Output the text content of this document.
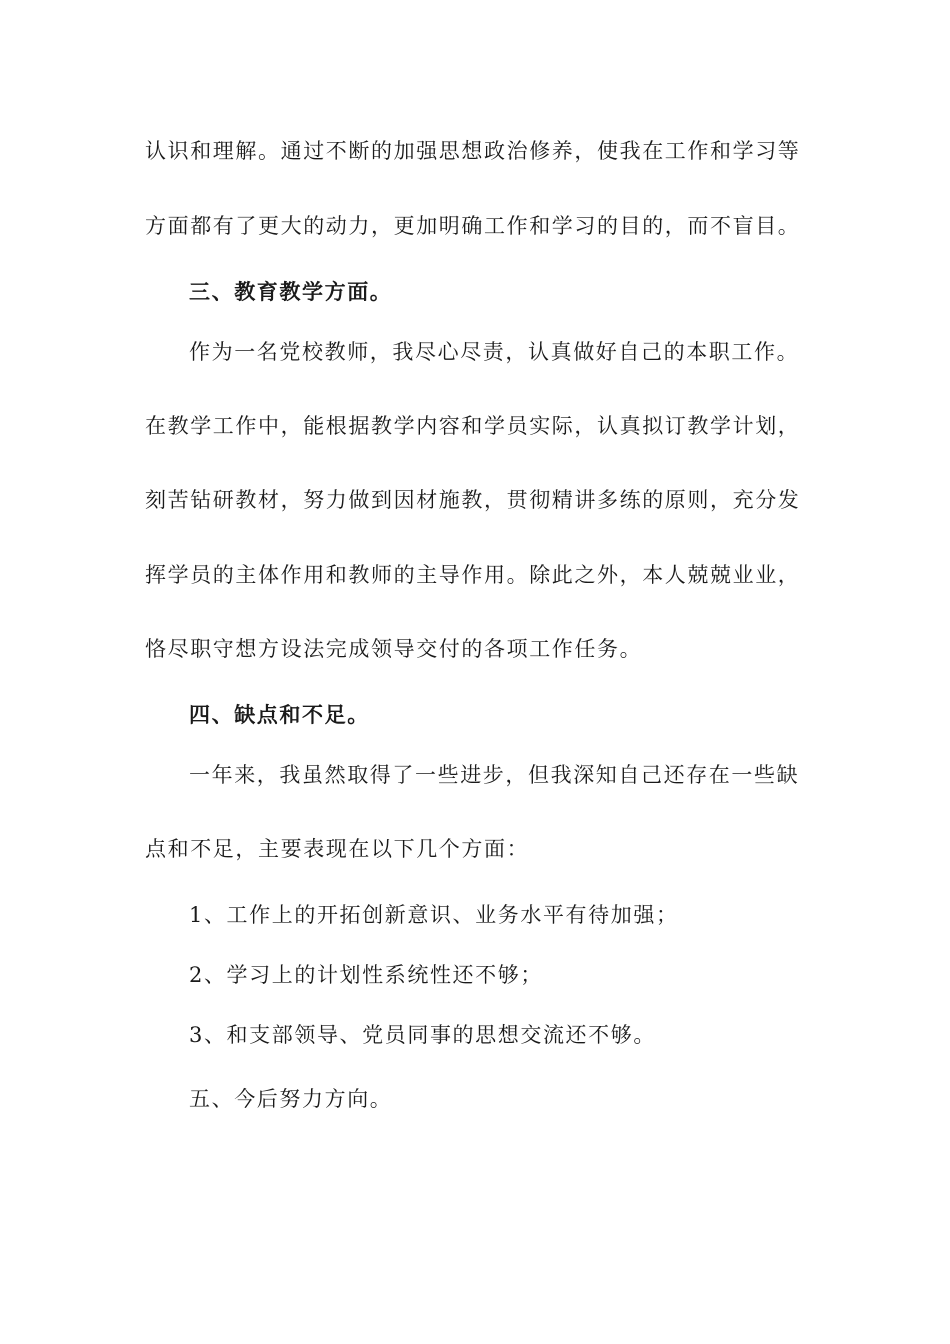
认识和理解。通过不断的加强思想政治修养，使我在工作和学习等
方面都有了更大的动力，更加明确工作和学习的目的，而不盲目。
三、教育教学方面。
作为一名党校教师，我尽心尽责，认真做好自己的本职工作。
在教学工作中，能根据教学内容和学员实际，认真拟订教学计划，
刻苦钻研教材，努力做到因材施教，贯彻精讲多练的原则，充分发
挥学员的主体作用和教师的主导作用。除此之外，本人兢兢业业，
恪尽职守想方设法完成领导交付的各项工作任务。
四、缺点和不足。
一年来，我虽然取得了一些进步，但我深知自己还存在一些缺
点和不足，主要表现在以下几个方面：
1、工作上的开拓创新意识、业务水平有待加强；
2、学习上的计划性系统性还不够；
3、和支部领导、党员同事的思想交流还不够。
五、今后努力方向。
